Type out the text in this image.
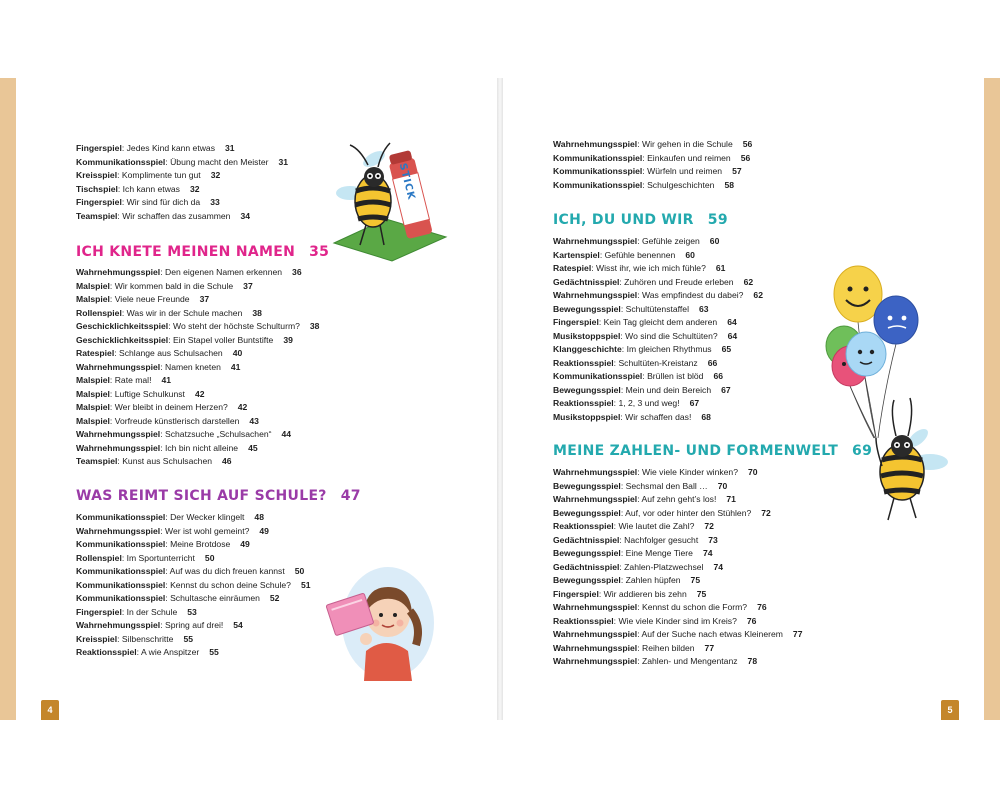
Fingerspiel: Jedes Kind kann etwas 31
Kommunikationsspiel: Übung macht den Meister 31
Kreisspiel: Komplimente tun gut 32
Tischspiel: Ich kann etwas 32
Fingerspiel: Wir sind für dich da 33
Teamspiel: Wir schaffen das zusammen 34
ICH KNETE MEINEN NAMEN 35
Wahrnehmungsspiel: Den eigenen Namen erkennen 36
Malspiel: Wir kommen bald in die Schule 37
Malspiel: Viele neue Freunde 37
Rollenspiel: Was wir in der Schule machen 38
Geschicklichkeitsspiel: Wo steht der höchste Schulturm? 38
Geschicklichkeitsspiel: Ein Stapel voller Buntstifte 39
Ratespiel: Schlange aus Schulsachen 40
Wahrnehmungsspiel: Namen kneten 41
Malspiel: Rate mal! 41
Malspiel: Luftige Schulkunst 42
Malspiel: Wer bleibt in deinem Herzen? 42
Malspiel: Vorfreude künstlerisch darstellen 43
Wahrnehmungsspiel: Schatzsuche „Schulsachen“ 44
Wahrnehmungsspiel: Ich bin nicht alleine 45
Teamspiel: Kunst aus Schulsachen 46
WAS REIMT SICH AUF SCHULE? 47
Kommunikationsspiel: Der Wecker klingelt 48
Wahrnehmungsspiel: Wer ist wohl gemeint? 49
Kommunikationsspiel: Meine Brotdose 49
Rollenspiel: Im Sportunterricht 50
Kommunikationsspiel: Auf was du dich freuen kannst 50
Kommunikationsspiel: Kennst du schon deine Schule? 51
Kommunikationsspiel: Schultasche einräumen 52
Fingerspiel: In der Schule 53
Wahrnehmungsspiel: Spring auf drei! 54
Kreisspiel: Silbenschritte 55
Reaktionsspiel: A wie Anspitzer 55
Wahrnehmungsspiel: Wir gehen in die Schule 56
Kommunikationsspiel: Einkaufen und reimen 56
Kommunikationsspiel: Würfeln und reimen 57
Kommunikationsspiel: Schulgeschichten 58
ICH, DU UND WIR 59
Wahrnehmungsspiel: Gefühle zeigen 60
Kartenspiel: Gefühle benennen 60
Ratespiel: Wisst ihr, wie ich mich fühle? 61
Gedächtnisspiel: Zuhören und Freude erleben 62
Wahrnehmungsspiel: Was empfindest du dabei? 62
Bewegungsspiel: Schultütenstaffel 63
Fingerspiel: Kein Tag gleicht dem anderen 64
Musikstoppspiel: Wo sind die Schultüten? 64
Klanggeschichte: Im gleichen Rhythmus 65
Reaktionsspiel: Schultüten-Kreistanz 66
Kommunikationsspiel: Brüllen ist blöd 66
Bewegungsspiel: Mein und dein Bereich 67
Reaktionsspiel: 1, 2, 3 und weg! 67
Musikstoppspiel: Wir schaffen das! 68
MEINE ZAHLEN- UND FORMENWELT 69
Wahrnehmungsspiel: Wie viele Kinder winken? 70
Bewegungsspiel: Sechsmal den Ball … 70
Wahrnehmungsspiel: Auf zehn geht’s los! 71
Bewegungsspiel: Auf, vor oder hinter den Stühlen? 72
Reaktionsspiel: Wie lautet die Zahl? 72
Gedächtnisspiel: Nachfolger gesucht 73
Bewegungsspiel: Eine Menge Tiere 74
Gedächtnisspiel: Zahlen-Platzwechsel 74
Bewegungsspiel: Zahlen hüpfen 75
Fingerspiel: Wir addieren bis zehn 75
Wahrnehmungsspiel: Kennst du schon die Form? 76
Reaktionsspiel: Wie viele Kinder sind im Kreis? 76
Wahrnehmungsspiel: Auf der Suche nach etwas Kleinerem 77
Wahrnehmungsspiel: Reihen bilden 77
Wahrnehmungsspiel: Zahlen- und Mengentanz 78
4	5
STICK
